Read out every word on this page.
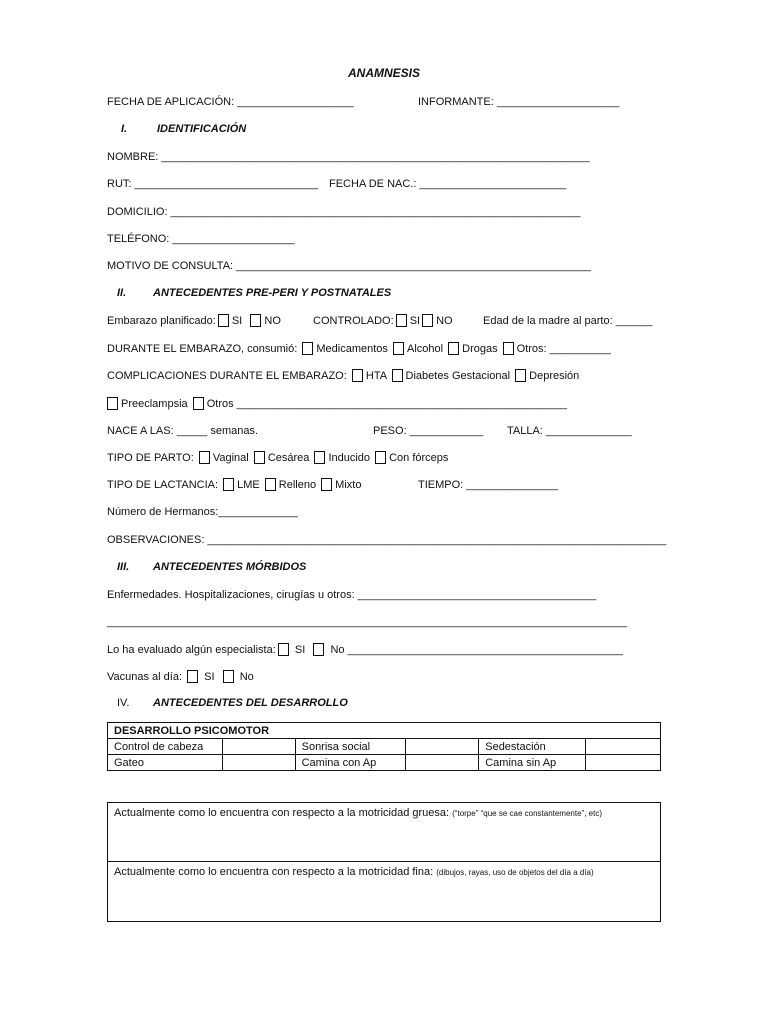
ANAMNESIS
FECHA DE APLICACIÓN: ___________________	INFORMANTE: ____________________
I.	IDENTIFICACIÓN
NOMBRE: ______________________________________________________________________
RUT: ______________________________ FECHA DE NAC.: ________________________
DOMICILIO: ___________________________________________________________________
TELÉFONO: ____________________
MOTIVO DE CONSULTA: __________________________________________________________
II. ANTECEDENTES PRE-PERI Y POSTNATALES
Embarazo planificado: SI NO	CONTROLADO: SI NO	Edad de la madre al parto: ______
DURANTE EL EMBARAZO, consumió: Medicamentos Alcohol Drogas Otros: __________
COMPLICACIONES DURANTE EL EMBARAZO: HTA Diabetes Gestacional Depresión
Preeclampsia Otros ______________________________________________________
NACE A LAS: _____ semanas.	PESO: ____________ TALLA: ______________
TIPO DE PARTO: Vaginal Cesárea Inducido Con fórceps
TIPO DE LACTANCIA: LME Relleno Mixto	TIEMPO: _______________
Número de Hermanos:_____________
OBSERVACIONES: ___________________________________________________________________________
III. ANTECEDENTES MÓRBIDOS
Enfermedades. Hospitalizaciones, cirugías u otros: _______________________________________
_____________________________________________________________________________________
Lo ha evaluado algún especialista: SI No _____________________________________________
Vacunas al día: SI No
IV. ANTECEDENTES DEL DESARROLLO
DESARROLLO PSICOMOTOR					
Control de cabeza		Sonrisa social		Sedestación	
Gateo		Camina con Ap		Camina sin Ap	
Actualmente como lo encuentra con respecto a la motricidad gruesa: (“torpe” “que se cae constantemente”, etc)
Actualmente como lo encuentra con respecto a la motricidad fina: (dibujos, rayas, uso de objetos del día a día)
